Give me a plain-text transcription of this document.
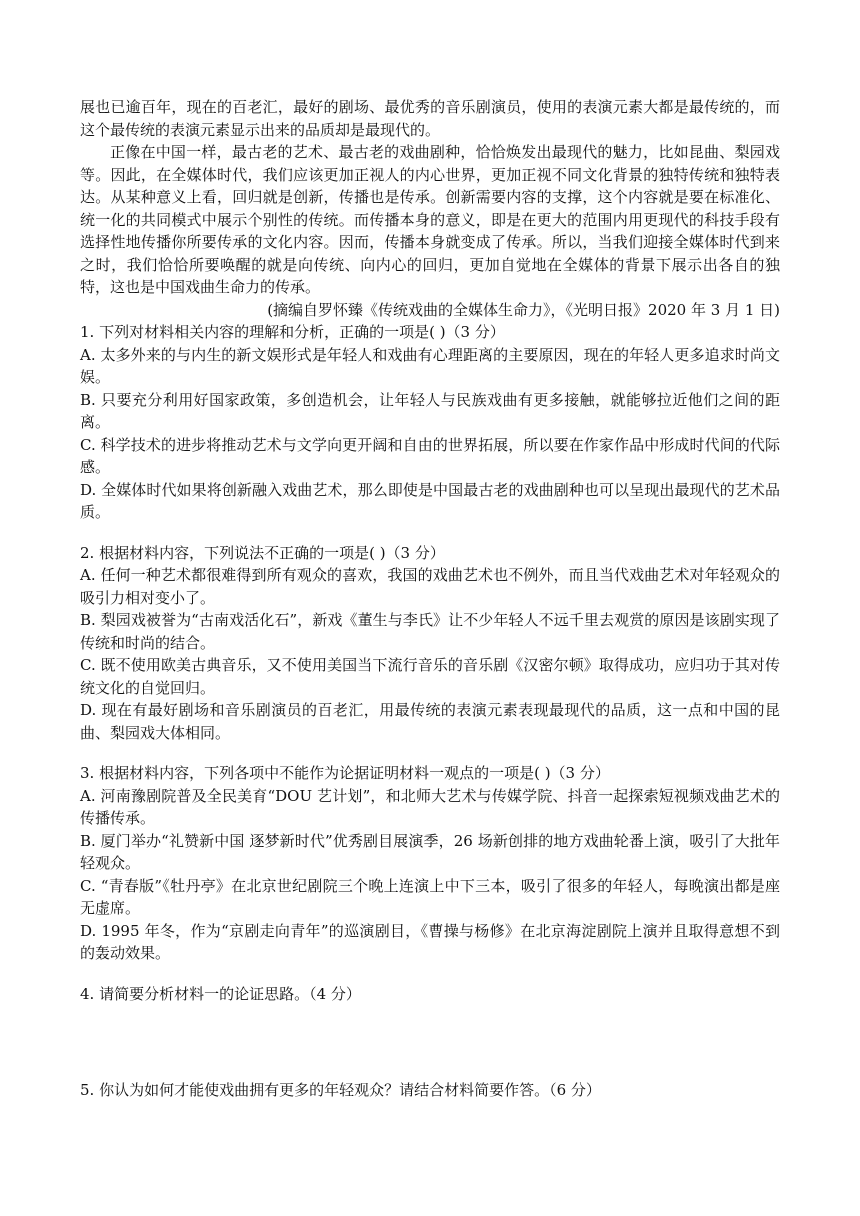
展也已逾百年，现在的百老汇，最好的剧场、最优秀的音乐剧演员，使用的表演元素大都是最传统的，而这个最传统的表演元素显示出来的品质却是最现代的。

正像在中国一样，最古老的艺术、最古老的戏曲剧种，恰恰焕发出最现代的魅力，比如昆曲、梨园戏等。因此，在全媒体时代，我们应该更加正视人的内心世界，更加正视不同文化背景的独特传统和独特表达。从某种意义上看，回归就是创新，传播也是传承。创新需要内容的支撑，这个内容就是要在标准化、统一化的共同模式中展示个别性的传统。而传播本身的意义，即是在更大的范围内用更现代的科技手段有选择性地传播你所要传承的文化内容。因而，传播本身就变成了传承。所以，当我们迎接全媒体时代到来之时，我们恰恰所要唤醒的就是向传统、向内心的回归，更加自觉地在全媒体的背景下展示出各自的独特，这也是中国戏曲生命力的传承。

(摘编自罗怀臻《传统戏曲的全媒体生命力》，《光明日报》2020 年 3 月 1 日)

1. 下列对材料相关内容的理解和分析，正确的一项是( )（3 分）

A. 太多外来的与内生的新文娱形式是年轻人和戏曲有心理距离的主要原因，现在的年轻人更多追求时尚文娱。

B. 只要充分利用好国家政策，多创造机会，让年轻人与民族戏曲有更多接触，就能够拉近他们之间的距离。

C. 科学技术的进步将推动艺术与文学向更开阔和自由的世界拓展，所以要在作家作品中形成时代间的代际感。

D. 全媒体时代如果将创新融入戏曲艺术，那么即使是中国最古老的戏曲剧种也可以呈现出最现代的艺术品质。

2. 根据材料内容，下列说法不正确的一项是( )（3 分）

A. 任何一种艺术都很难得到所有观众的喜欢，我国的戏曲艺术也不例外，而且当代戏曲艺术对年轻观众的吸引力相对变小了。

B. 梨园戏被誉为“古南戏活化石”，新戏《董生与李氏》让不少年轻人不远千里去观赏的原因是该剧实现了传统和时尚的结合。

C. 既不使用欧美古典音乐，又不使用美国当下流行音乐的音乐剧《汉密尔顿》取得成功，应归功于其对传统文化的自觉回归。

D. 现在有最好剧场和音乐剧演员的百老汇，用最传统的表演元素表现最现代的品质，这一点和中国的昆曲、梨园戏大体相同。

3. 根据材料内容，下列各项中不能作为论据证明材料一观点的一项是( )（3 分）

A. 河南豫剧院普及全民美育“DOU 艺计划”，和北师大艺术与传媒学院、抖音一起探索短视频戏曲艺术的传播传承。

B. 厦门举办“礼赞新中国 逐梦新时代”优秀剧目展演季，26 场新创排的地方戏曲轮番上演，吸引了大批年轻观众。

C. “青春版”《牡丹亭》在北京世纪剧院三个晚上连演上中下三本，吸引了很多的年轻人，每晚演出都是座无虚席。

D. 1995 年冬，作为“京剧走向青年”的巡演剧目，《曹操与杨修》在北京海淀剧院上演并且取得意想不到的轰动效果。

4. 请简要分析材料一的论证思路。（4 分）

5. 你认为如何才能使戏曲拥有更多的年轻观众？请结合材料简要作答。（6 分）
